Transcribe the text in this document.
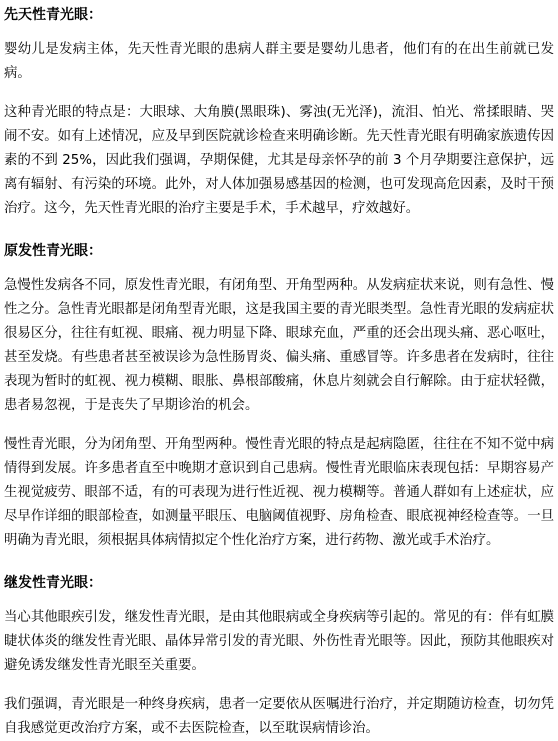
先天性青光眼：

婴幼儿是发病主体，先天性青光眼的患病人群主要是婴幼儿患者，他们有的在出生前就已发病。

这种青光眼的特点是：大眼球、大角膜(黑眼珠)、雾浊(无光泽)，流泪、怕光、常揉眼睛、哭闹不安。如有上述情况，应及早到医院就诊检查来明确诊断。先天性青光眼有明确家族遗传因素的不到 25%，因此我们强调，孕期保健，尤其是母亲怀孕的前 3 个月孕期要注意保护，远离有辐射、有污染的环境。此外，对人体加强易感基因的检测，也可发现高危因素，及时干预治疗。这今，先天性青光眼的治疗主要是手术，手术越早，疗效越好。

原发性青光眼：

急慢性发病各不同，原发性青光眼，有闭角型、开角型两种。从发病症状来说，则有急性、慢性之分。急性青光眼都是闭角型青光眼，这是我国主要的青光眼类型。急性青光眼的发病症状很易区分，往往有虹视、眼痛、视力明显下降、眼球充血，严重的还会出现头痛、恶心呕吐，甚至发烧。有些患者甚至被误诊为急性肠胃炎、偏头痛、重感冒等。许多患者在发病时，往往表现为暂时的虹视、视力模糊、眼胀、鼻根部酸痛，休息片刻就会自行解除。由于症状轻微，患者易忽视，于是丧失了早期诊治的机会。

慢性青光眼，分为闭角型、开角型两种。慢性青光眼的特点是起病隐匿，往往在不知不觉中病情得到发展。许多患者直至中晚期才意识到自己患病。慢性青光眼临床表现包括：早期容易产生视觉疲劳、眼部不适，有的可表现为进行性近视、视力模糊等。普通人群如有上述症状，应尽早作详细的眼部检查，如测量平眼压、电脑阈值视野、房角检查、眼底视神经检查等。一旦明确为青光眼，须根据具体病情拟定个性化治疗方案，进行药物、激光或手术治疗。

继发性青光眼：

当心其他眼疾引发，继发性青光眼，是由其他眼病或全身疾病等引起的。常见的有：伴有虹膜睫状体炎的继发性青光眼、晶体异常引发的青光眼、外伤性青光眼等。因此，预防其他眼疾对避免诱发继发性青光眼至关重要。

我们强调，青光眼是一种终身疾病，患者一定要依从医嘱进行治疗，并定期随访检查，切勿凭自我感觉更改治疗方案，或不去医院检查，以至耽误病情诊治。
